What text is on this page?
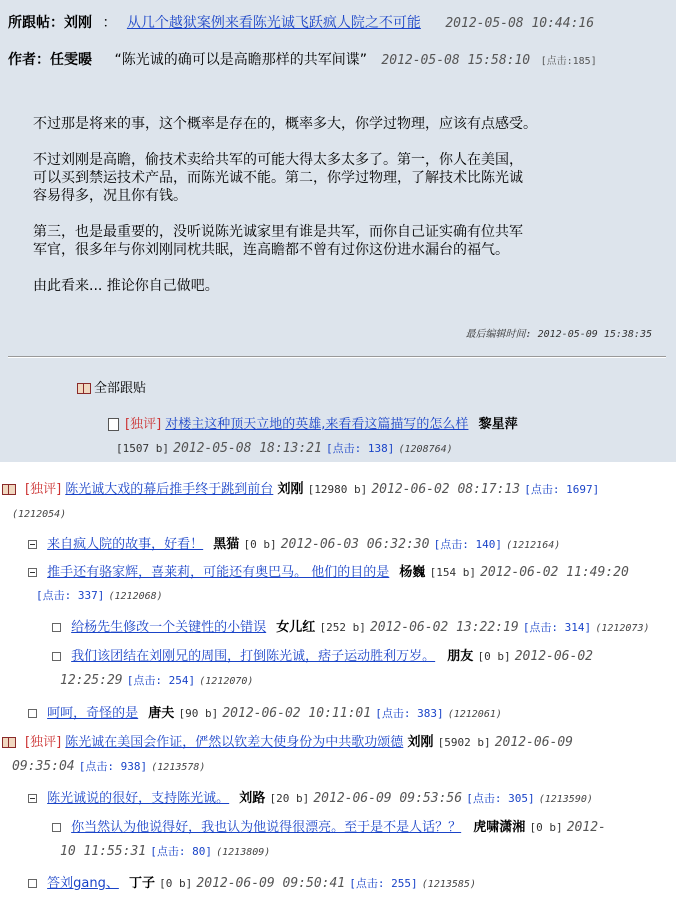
所跟帖：刘刚 ： 从几个越狱案例来看陈光诚飞跃疯人院之不可能 2012-05-08 10:44:16
作者：任雯暥 “陈光诚的确可以是高瞻那样的共军间谍” 2012-05-08 15:58:10 [点击:185]

不过那是将来的事，这个概率是存在的，概率多大，你学过物理，应该有点感受。

不过刘刚是高瞻，偷技术卖给共军的可能大得太多太多了。第一，你人在美国，
可以买到禁运技术产品，而陈光诚不能。第二，你学过物理，了解技术比陈光诚
容易得多，况且你有钱。

第三，也是最重要的，没听说陈光诚家里有谁是共军，而你自己证实确有位共军
军官，很多年与你刘刚同枕共眠，连高瞻都不曾有过你这份进水漏台的福气。

由此看来... 推论你自己做吧。

最后编辑时间: 2012-05-09 15:38:35
全部跟贴
[独评] 对楼主这种顶天立地的英雄,来看看这篇描写的怎么样 黎星萍
[1507 b] 2012-05-08 18:13:21 [点击: 138] (1208764)
[独评] 陈光诚大戏的幕后推手终于跳到前台 刘刚 [12980 b] 2012-06-02 08:17:13 [点击: 1697]
(1212054)
来自疯人院的故事，好看！ 黑猫 [0 b] 2012-06-03 06:32:30 [点击: 140] (1212164)
推手还有骆家辉，喜莱莉，可能还有奥巴马。 他们的目的是 杨巍 [154 b] 2012-06-02 11:49:20
[点击: 337] (1212068)
给杨先生修改一个关键性的小错误 女儿红 [252 b] 2012-06-02 13:22:19 [点击: 314] (1212073)
我们该团结在刘刚兄的周围，打倒陈光诚，痞子运动胜利万岁。 朋友 [0 b] 2012-06-02
12:25:29 [点击: 254] (1212070)
呵呵，奇怪的是 唐夫 [90 b] 2012-06-02 10:11:01 [点击: 383] (1212061)
[独评] 陈光诚在美国会作证，俨然以钦差大使身份为中共歌功颂德 刘刚 [5902 b] 2012-06-09
09:35:04 [点击: 938] (1213578)
陈光诚说的很好，支持陈光诚。 刘路 [20 b] 2012-06-09 09:53:56 [点击: 305] (1213590)
你当然认为他说得好，我也认为他说得很漂亮。至于是不是人话？？ 虎啸潇湘 [0 b] 2012-
10 11:55:31 [点击: 80] (1213809)
答刘gang、 丁子 [0 b] 2012-06-09 09:50:41 [点击: 255] (1213585)
